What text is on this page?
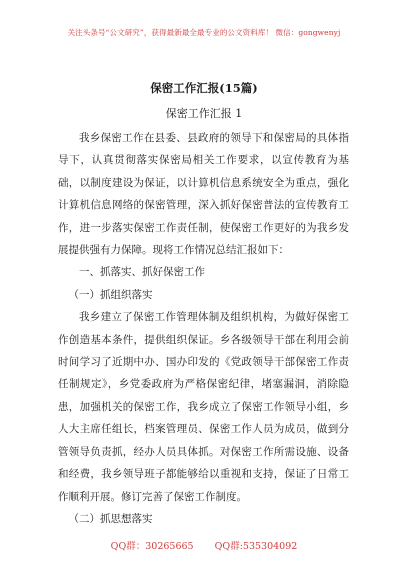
关注头条号“公文研究”，获得最新最全最专业的公文资料库！ 微信：gongwenyj
保密工作汇报(15篇)
保密工作汇报 1

我乡保密工作在县委、县政府的领导下和保密局的具体指导下，认真贯彻落实保密局相关工作要求，以宣传教育为基础，以制度建设为保证，以计算机信息系统安全为重点，强化计算机信息网络的保密管理，深入抓好保密普法的宣传教育工作，进一步落实保密工作责任制，使保密工作更好的为我乡发展提供强有力保障。现将工作情况总结汇报如下：

一、抓落实、抓好保密工作

（一）抓组织落实

我乡建立了保密工作管理体制及组织机构，为做好保密工作创造基本条件，提供组织保证。乡各级领导干部在利用会前时间学习了近期中办、国办印发的《党政领导干部保密工作责任制规定》，乡党委政府为严格保密纪律，堵塞漏洞，消除隐患，加强机关的保密工作，我乡成立了保密工作领导小组，乡人大主席任组长，档案管理员、保密工作人员为成员，做到分管领导负责抓，经办人员具体抓。对保密工作所需设施、设备和经费，我乡领导班子都能够给以重视和支持，保证了日常工作顺利开展。修订完善了保密工作制度。

（二）抓思想落实

QQ群：30265665 QQ群:535304092
